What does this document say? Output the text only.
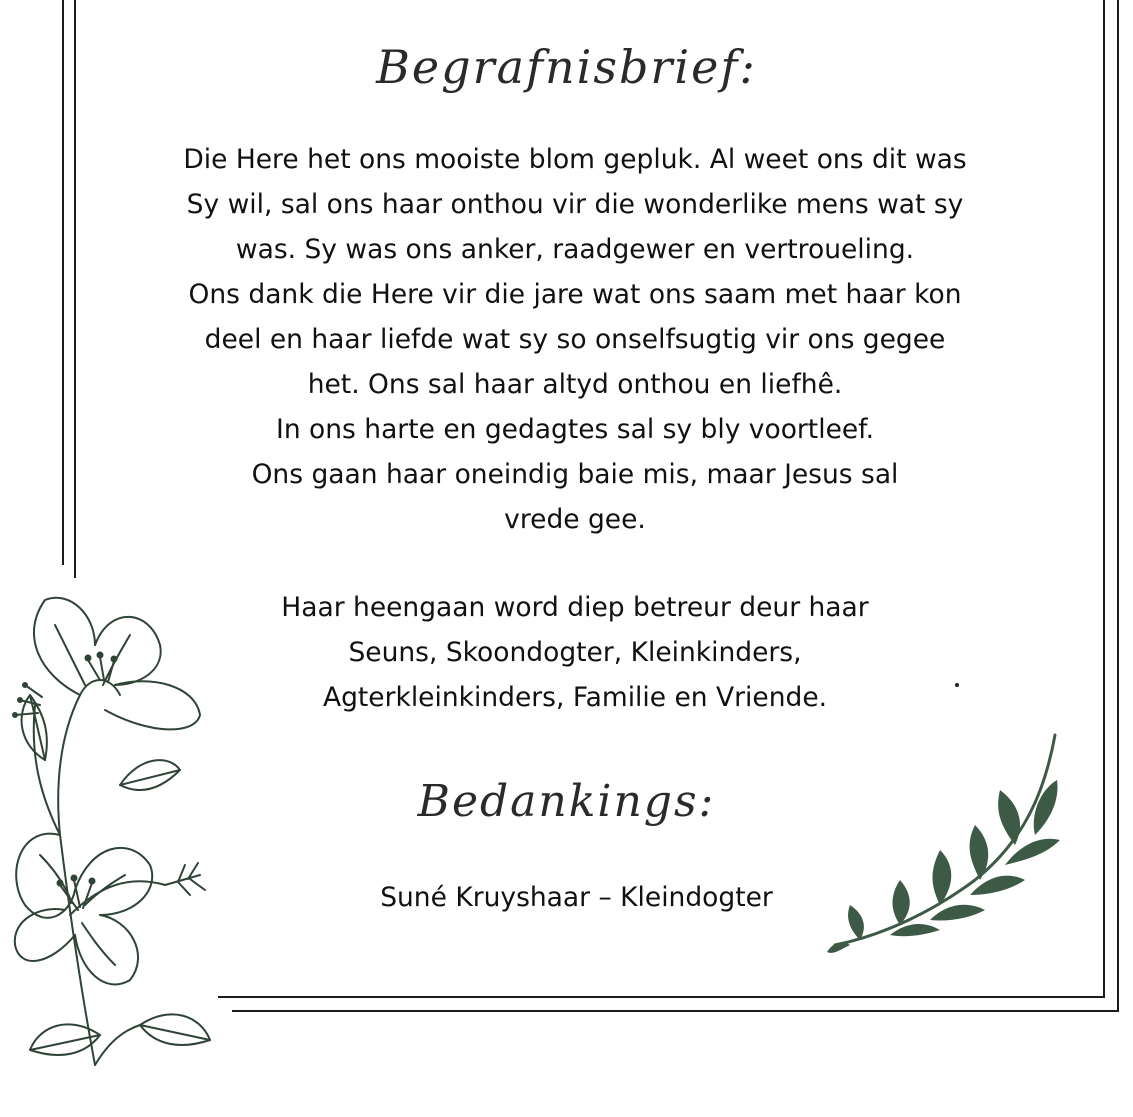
Begrafnisbrief:
Die Here het ons mooiste blom gepluk. Al weet ons dit was
Sy wil, sal ons haar onthou vir die wonderlike mens wat sy
was. Sy was ons anker, raadgewer en vertroueling.
Ons dank die Here vir die jare wat ons saam met haar kon
deel en haar liefde wat sy so onselfsugtig vir ons gegee
het. Ons sal haar altyd onthou en liefhê.
In ons harte en gedagtes sal sy bly voortleef.
Ons gaan haar oneindig baie mis, maar Jesus sal
vrede gee.
Haar heengaan word diep betreur deur haar
Seuns, Skoondogter, Kleinkinders,
Agterkleinkinders, Familie en Vriende.
Bedankings:
Suné Kruyshaar – Kleindogter
